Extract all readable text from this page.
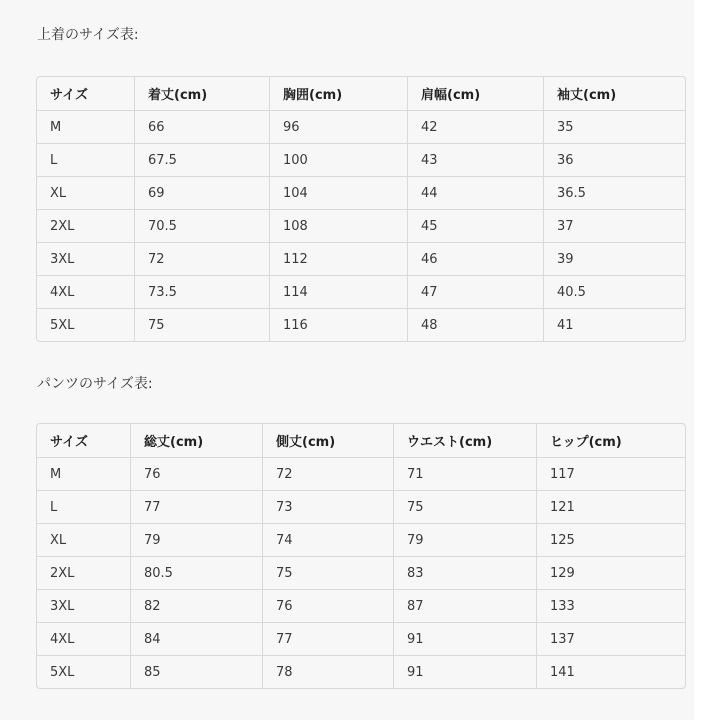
上着のサイズ表:
サイズ	着丈(cm)	胸囲(cm)	肩幅(cm)	袖丈(cm)
M	66	96	42	35
L	67.5	100	43	36
XL	69	104	44	36.5
2XL	70.5	108	45	37
3XL	72	112	46	39
4XL	73.5	114	47	40.5
5XL	75	116	48	41
パンツのサイズ表:
サイズ	総丈(cm)	側丈(cm)	ウエスト(cm)	ヒップ(cm)
M	76	72	71	117
L	77	73	75	121
XL	79	74	79	125
2XL	80.5	75	83	129
3XL	82	76	87	133
4XL	84	77	91	137
5XL	85	78	91	141
